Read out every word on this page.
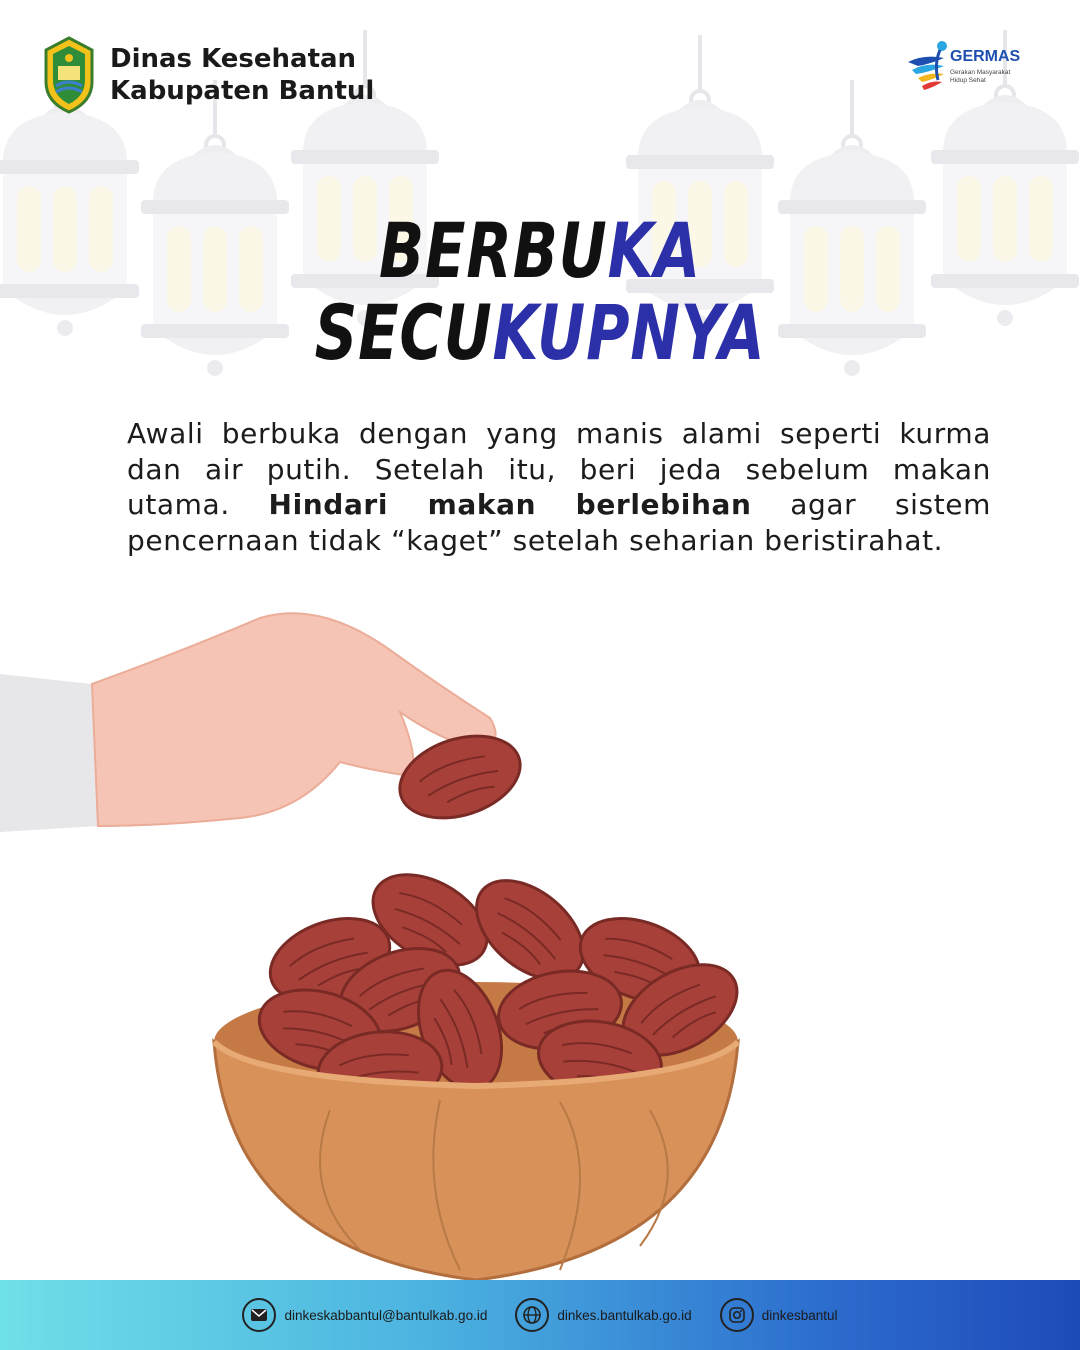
Dinas Kesehatan
Kabupaten Bantul
GERMAS
Gerakan Masyarakat
Hidup Sehat
BERBUKA
SECUKUPNYA

Awali berbuka dengan yang manis alami seperti kurma dan air putih. Setelah itu, beri jeda sebelum makan utama. Hindari makan berlebihan agar sistem pencernaan tidak “kaget” setelah seharian beristirahat.

dinkeskabbantul@bantulkab.go.id	dinkes.bantulkab.go.id	dinkesbantul
